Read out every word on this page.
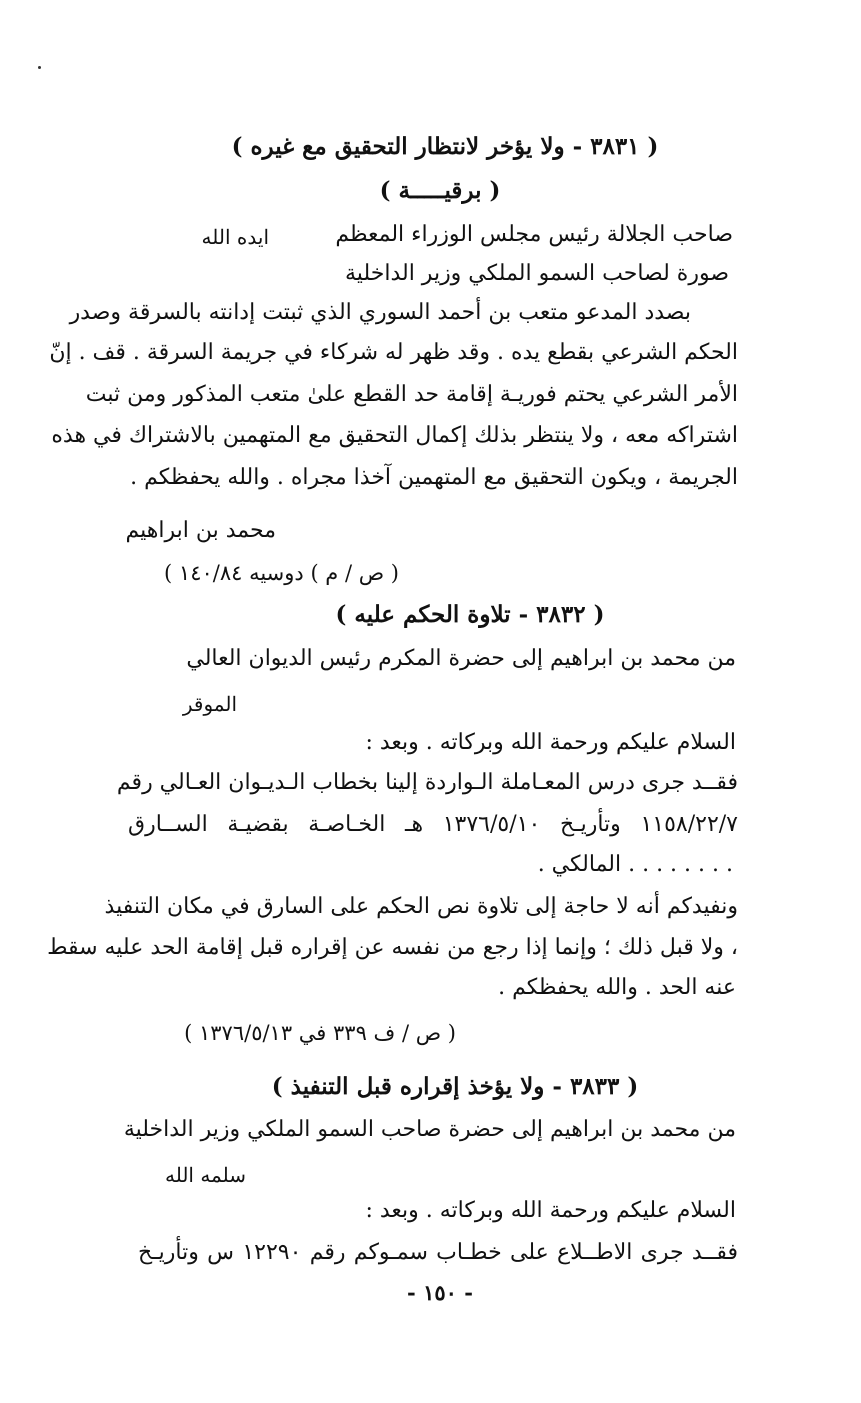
( ٣٨٣١ - ولا يؤخر لانتظار التحقيق مع غيره )
( برقيـــــة )
صاحب الجلالة رئيس مجلس الوزراء المعظم
ايده الله
صورة لصاحب السمو الملكي وزير الداخلية
بصدد المدعو متعب بن أحمد السوري الذي ثبتت إدانته بالسرقة وصدر
الحكم الشرعي بقطع يده . وقد ظهر له شركاء في جريمة السرقة . قف . إنّ
الأمر الشرعي يحتم فوريـة إقامة حد القطع علىٰ متعب المذكور ومن ثبت
اشتراكه معه ، ولا ينتظر بذلك إكمال التحقيق مع المتهمين بالاشتراك في هذه
الجريمة ، ويكون التحقيق مع المتهمين آخذا مجراه . والله يحفظكم .
محمد بن ابراهيم
( ص / م ) دوسيه ١٤٠/٨٤ )
( ٣٨٣٢ - تلاوة الحكم عليه )
من محمد بن ابراهيم إلى حضرة المكرم رئيس الديوان العالي
الموقر
السلام عليكم ورحمة الله وبركاته . وبعد :
فقــد جرى درس المعـاملة الـواردة إلينا بخطاب الـديـوان العـالي رقم
١١٥٨/٢٢/٧ وتأريـخ ١٣٧٦/٥/١٠ هـ الخـاصـة بقضيـة الســارق
. . . . . . . . المالكي .
ونفيدكم أنه لا حاجة إلى تلاوة نص الحكم على السارق في مكان التنفيذ
، ولا قبل ذلك ؛ وإنما إذا رجع من نفسه عن إقراره قبل إقامة الحد عليه سقط
عنه الحد . والله يحفظكم .
( ص / ف ٣٣٩ في ١٣٧٦/٥/١٣ )
( ٣٨٣٣ - ولا يؤخذ إقراره قبل التنفيذ )
من محمد بن ابراهيم إلى حضرة صاحب السمو الملكي وزير الداخلية
سلمه الله
السلام عليكم ورحمة الله وبركاته . وبعد :
فقــد جرى الاطــلاع على خطـاب سمـوكم رقم ١٢٢٩٠ س وتأريـخ
- ١٥٠ -
